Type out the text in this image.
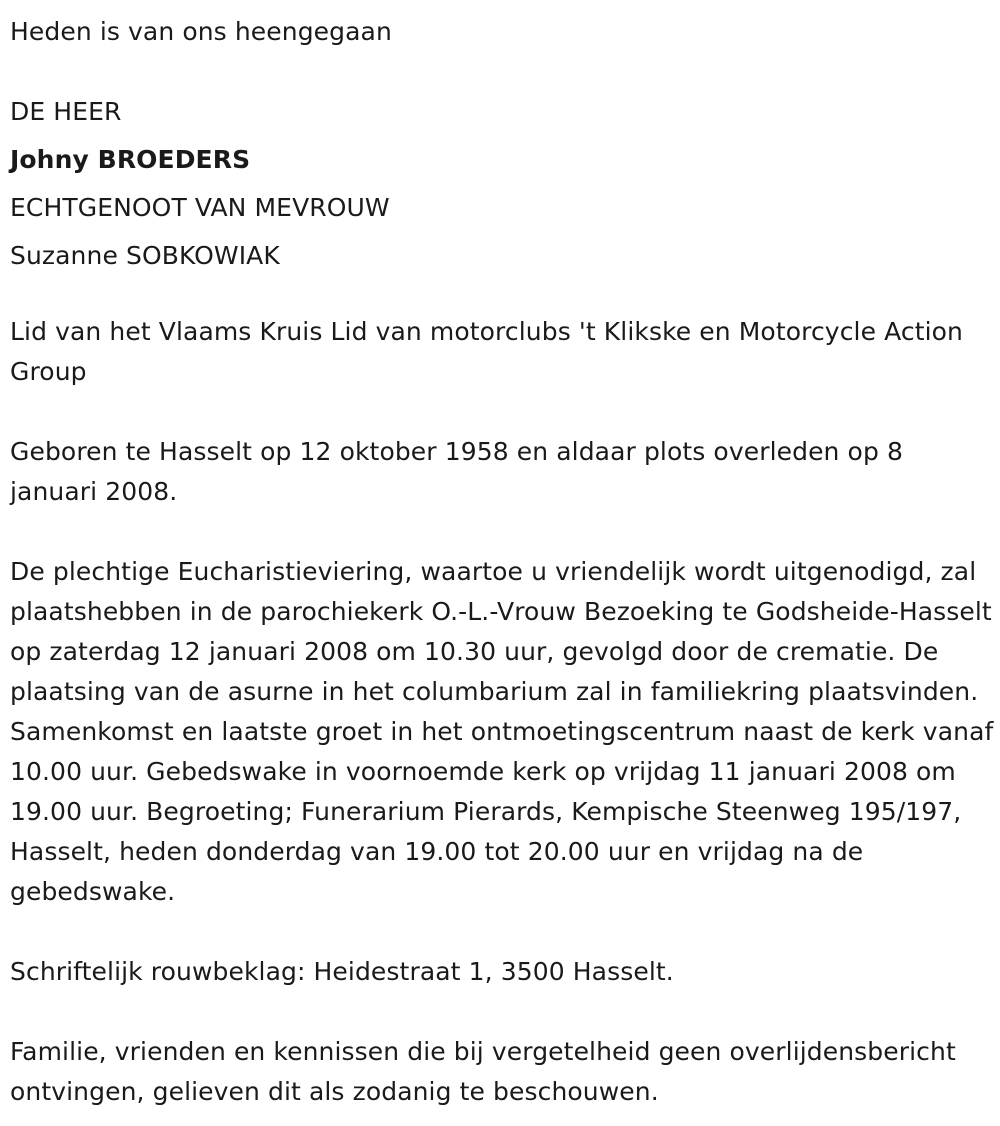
Heden is van ons heengegaan

DE HEER

Johny BROEDERS

ECHTGENOOT VAN MEVROUW

Suzanne SOBKOWIAK

Lid van het Vlaams Kruis Lid van motorclubs 't Klikske en Motorcycle Action Group

Geboren te Hasselt op 12 oktober 1958 en aldaar plots overleden op 8 januari 2008.

De plechtige Eucharistieviering, waartoe u vriendelijk wordt uitgenodigd, zal plaatshebben in de parochiekerk O.-L.-Vrouw Bezoeking te Godsheide-Hasselt op zaterdag 12 januari 2008 om 10.30 uur, gevolgd door de crematie. De plaatsing van de asurne in het columbarium zal in familiekring plaatsvinden. Samenkomst en laatste groet in het ontmoetingscentrum naast de kerk vanaf 10.00 uur. Gebedswake in voornoemde kerk op vrijdag 11 januari 2008 om 19.00 uur. Begroeting; Funerarium Pierards, Kempische Steenweg 195/197, Hasselt, heden donderdag van 19.00 tot 20.00 uur en vrijdag na de gebedswake.

Schriftelijk rouwbeklag: Heidestraat 1, 3500 Hasselt.

Familie, vrienden en kennissen die bij vergetelheid geen overlijdensbericht ontvingen, gelieven dit als zodanig te beschouwen.
